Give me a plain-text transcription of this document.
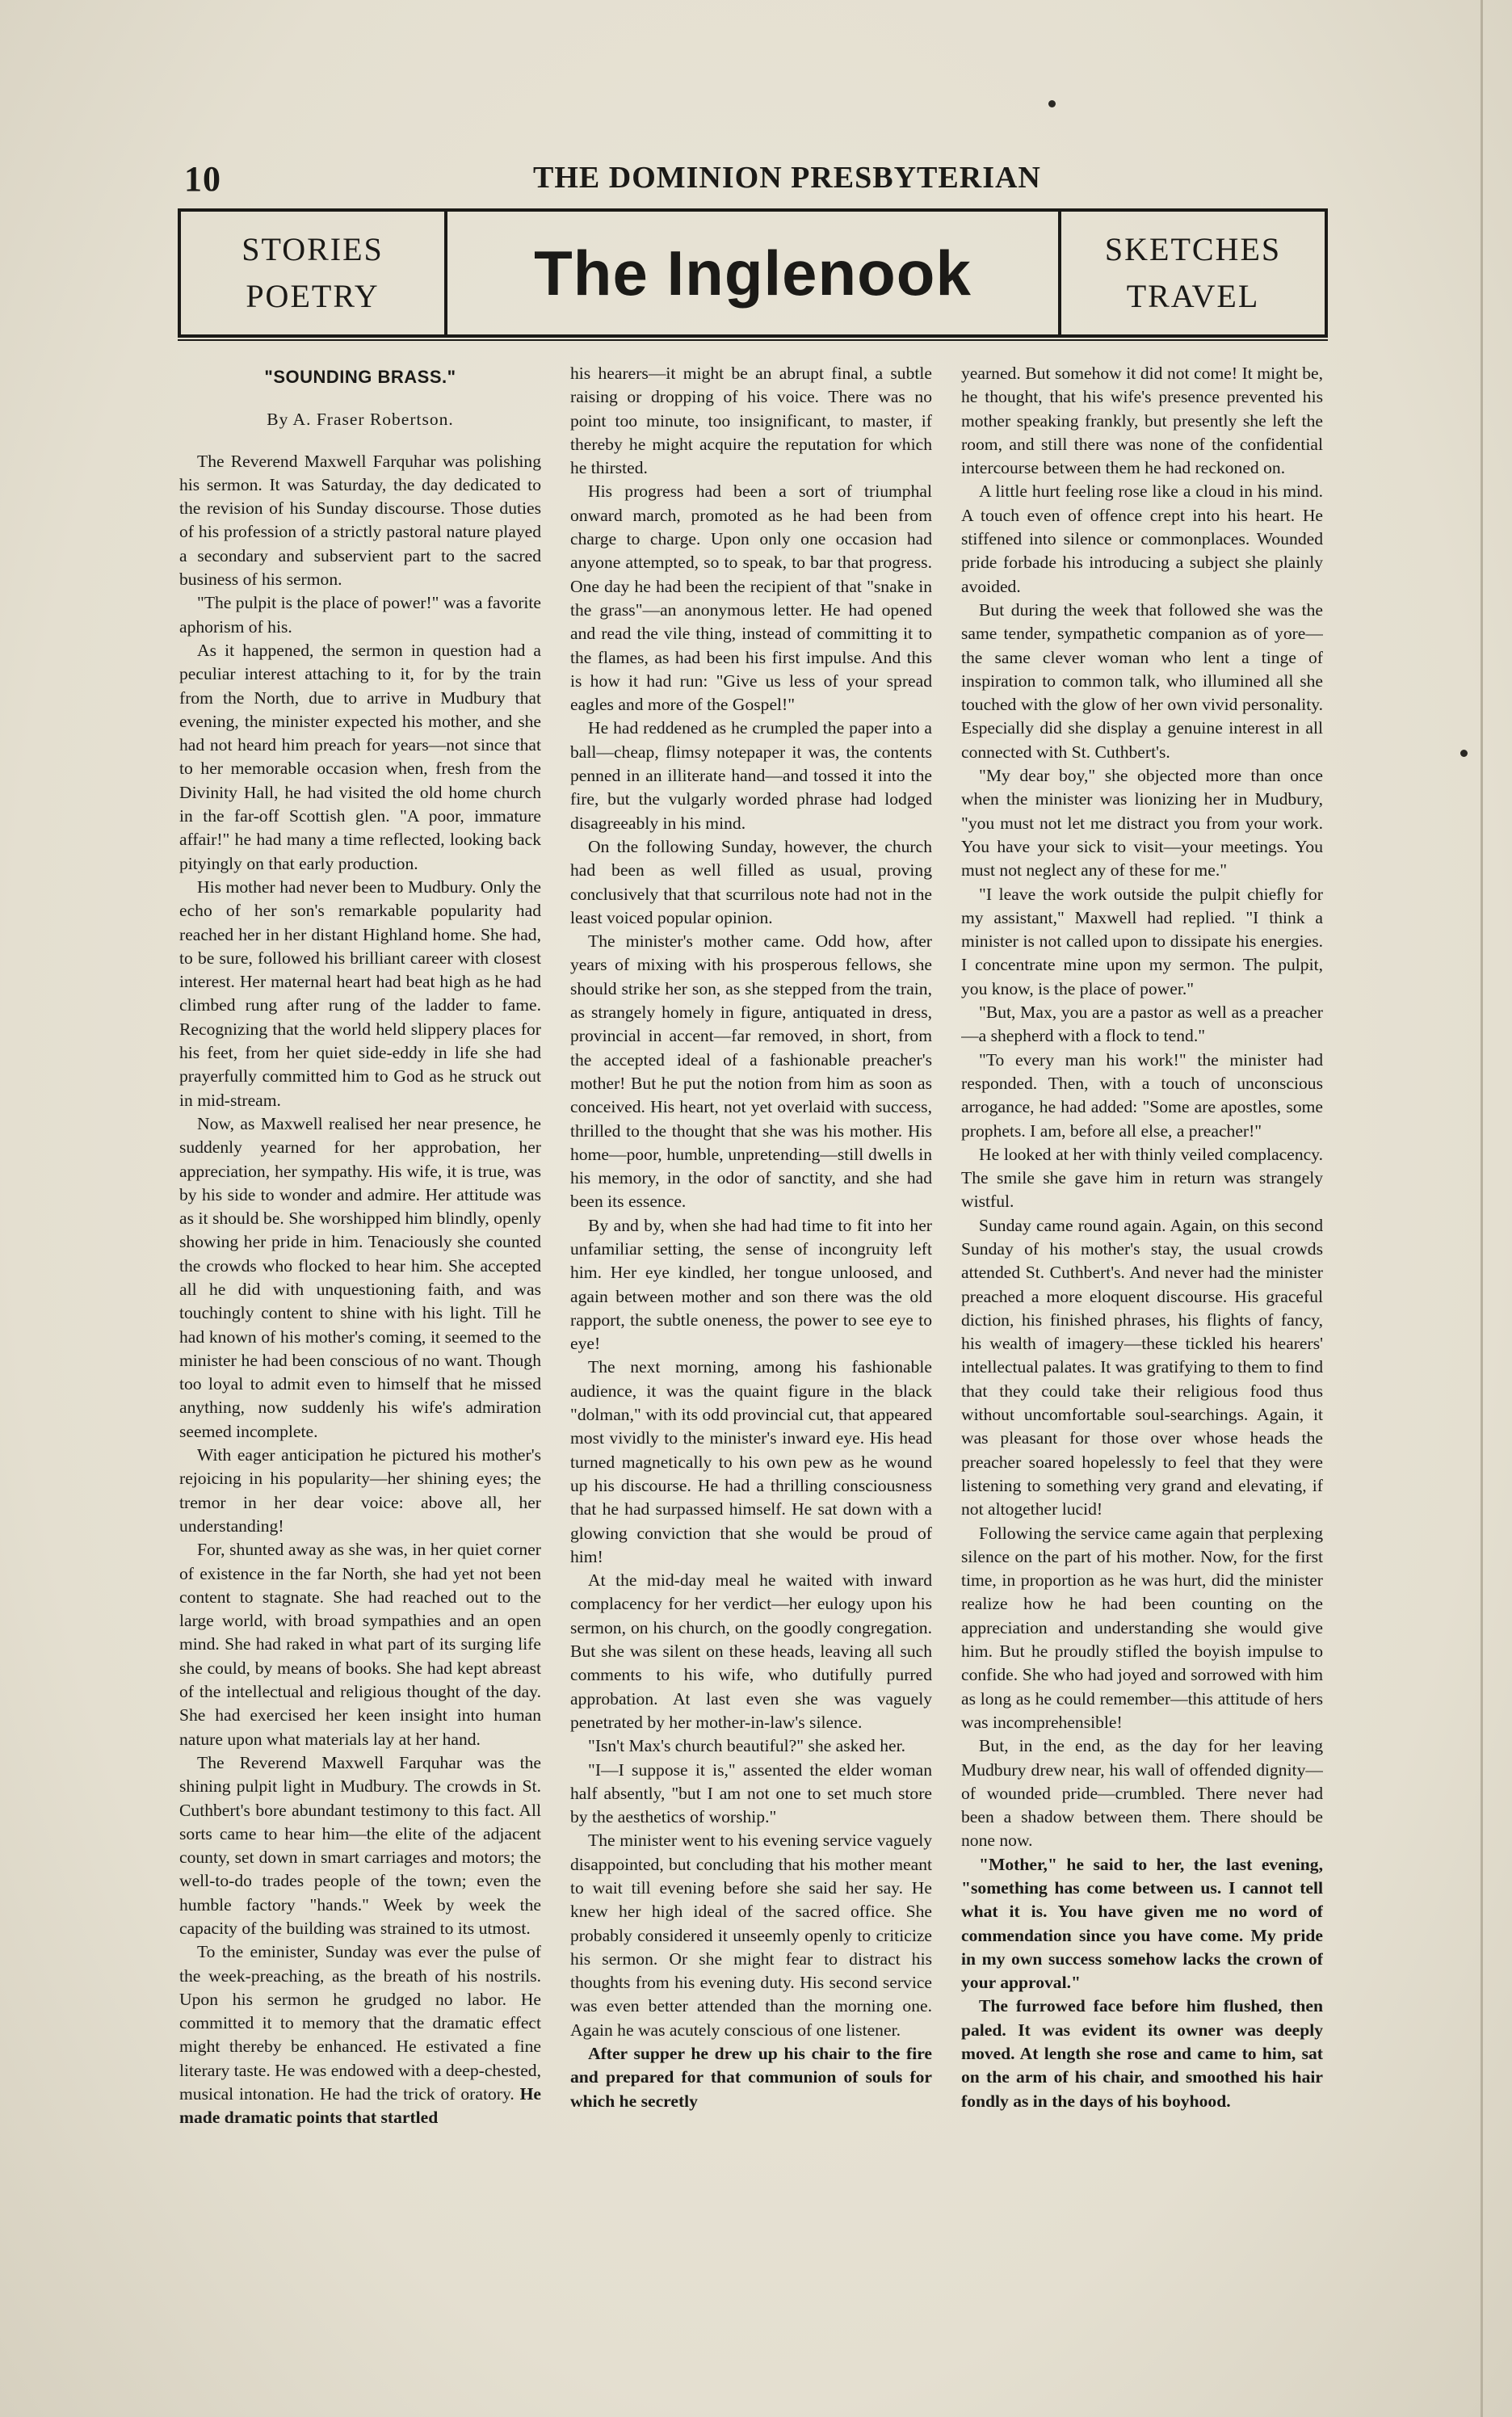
10	THE DOMINION PRESBYTERIAN
STORIES
POETRY	The Inglenook	SKETCHES
TRAVEL
"SOUNDING BRASS."
By A. Fraser Robertson.

The Reverend Maxwell Farquhar was polishing his sermon. It was Saturday, the day dedicated to the revision of his Sunday discourse. Those duties of his profession of a strictly pastoral nature played a secondary and subservient part to the sacred business of his sermon.

"The pulpit is the place of power!" was a favorite aphorism of his.

As it happened, the sermon in question had a peculiar interest attaching to it, for by the train from the North, due to arrive in Mudbury that evening, the minister expected his mother, and she had not heard him preach for years—not since that to her memorable occasion when, fresh from the Divinity Hall, he had visited the old home church in the far-off Scottish glen. "A poor, immature affair!" he had many a time reflected, looking back pityingly on that early production.

His mother had never been to Mudbury. Only the echo of her son's remarkable popularity had reached her in her distant Highland home. She had, to be sure, followed his brilliant career with closest interest. Her maternal heart had beat high as he had climbed rung after rung of the ladder to fame. Recognizing that the world held slippery places for his feet, from her quiet side-eddy in life she had prayerfully committed him to God as he struck out in mid-stream.

Now, as Maxwell realised her near presence, he suddenly yearned for her approbation, her appreciation, her sympathy. His wife, it is true, was by his side to wonder and admire. Her attitude was as it should be. She worshipped him blindly, openly showing her pride in him. Tenaciously she counted the crowds who flocked to hear him. She accepted all he did with unquestioning faith, and was touchingly content to shine with his light. Till he had known of his mother's coming, it seemed to the minister he had been conscious of no want. Though too loyal to admit even to himself that he missed anything, now suddenly his wife's admiration seemed incomplete.

With eager anticipation he pictured his mother's rejoicing in his popularity—her shining eyes; the tremor in her dear voice: above all, her understanding!

For, shunted away as she was, in her quiet corner of existence in the far North, she had yet not been content to stagnate. She had reached out to the large world, with broad sympathies and an open mind. She had raked in what part of its surging life she could, by means of books. She had kept abreast of the intellectual and religious thought of the day. She had exercised her keen insight into human nature upon what materials lay at her hand.

The Reverend Maxwell Farquhar was the shining pulpit light in Mudbury. The crowds in St. Cuthbert's bore abundant testimony to this fact. All sorts came to hear him—the elite of the adjacent county, set down in smart carriages and motors; the well-to-do trades people of the town; even the humble factory "hands." Week by week the capacity of the building was strained to its utmost.

To the eminister, Sunday was ever the pulse of the week-preaching, as the breath of his nostrils. Upon his sermon he grudged no labor. He committed it to memory that the dramatic effect might thereby be enhanced. He estivated a fine literary taste. He was endowed with a deep-chested, musical intonation. He had the trick of oratory. He made dramatic points that startled

his hearers—it might be an abrupt final, a subtle raising or dropping of his voice. There was no point too minute, too insignificant, to master, if thereby he might acquire the reputation for which he thirsted.

His progress had been a sort of triumphal onward march, promoted as he had been from charge to charge. Upon only one occasion had anyone attempted, so to speak, to bar that progress. One day he had been the recipient of that "snake in the grass"—an anonymous letter. He had opened and read the vile thing, instead of committing it to the flames, as had been his first impulse. And this is how it had run: "Give us less of your spread eagles and more of the Gospel!"

He had reddened as he crumpled the paper into a ball—cheap, flimsy notepaper it was, the contents penned in an illiterate hand—and tossed it into the fire, but the vulgarly worded phrase had lodged disagreeably in his mind.

On the following Sunday, however, the church had been as well filled as usual, proving conclusively that that scurrilous note had not in the least voiced popular opinion.

The minister's mother came. Odd how, after years of mixing with his prosperous fellows, she should strike her son, as she stepped from the train, as strangely homely in figure, antiquated in dress, provincial in accent—far removed, in short, from the accepted ideal of a fashionable preacher's mother! But he put the notion from him as soon as conceived. His heart, not yet overlaid with success, thrilled to the thought that she was his mother. His home—poor, humble, unpretending—still dwells in his memory, in the odor of sanctity, and she had been its essence.

By and by, when she had had time to fit into her unfamiliar setting, the sense of incongruity left him. Her eye kindled, her tongue unloosed, and again between mother and son there was the old rapport, the subtle oneness, the power to see eye to eye!

The next morning, among his fashionable audience, it was the quaint figure in the black "dolman," with its odd provincial cut, that appeared most vividly to the minister's inward eye. His head turned magnetically to his own pew as he wound up his discourse. He had a thrilling consciousness that he had surpassed himself. He sat down with a glowing conviction that she would be proud of him!

At the mid-day meal he waited with inward complacency for her verdict—her eulogy upon his sermon, on his church, on the goodly congregation. But she was silent on these heads, leaving all such comments to his wife, who dutifully purred approbation. At last even she was vaguely penetrated by her mother-in-law's silence.

"Isn't Max's church beautiful?" she asked her.

"I—I suppose it is," assented the elder woman half absently, "but I am not one to set much store by the aesthetics of worship."

The minister went to his evening service vaguely disappointed, but concluding that his mother meant to wait till evening before she said her say. He knew her high ideal of the sacred office. She probably considered it unseemly openly to criticize his sermon. Or she might fear to distract his thoughts from his evening duty. His second service was even better attended than the morning one. Again he was acutely conscious of one listener.

After supper he drew up his chair to the fire and prepared for that communion of souls for which he secretly

yearned. But somehow it did not come! It might be, he thought, that his wife's presence prevented his mother speaking frankly, but presently she left the room, and still there was none of the confidential intercourse between them he had reckoned on.

A little hurt feeling rose like a cloud in his mind. A touch even of offence crept into his heart. He stiffened into silence or commonplaces. Wounded pride forbade his introducing a subject she plainly avoided.

But during the week that followed she was the same tender, sympathetic companion as of yore—the same clever woman who lent a tinge of inspiration to common talk, who illumined all she touched with the glow of her own vivid personality. Especially did she display a genuine interest in all connected with St. Cuthbert's.

"My dear boy," she objected more than once when the minister was lionizing her in Mudbury, "you must not let me distract you from your work. You have your sick to visit—your meetings. You must not neglect any of these for me."

"I leave the work outside the pulpit chiefly for my assistant," Maxwell had replied. "I think a minister is not called upon to dissipate his energies. I concentrate mine upon my sermon. The pulpit, you know, is the place of power."

"But, Max, you are a pastor as well as a preacher—a shepherd with a flock to tend."

"To every man his work!" the minister had responded. Then, with a touch of unconscious arrogance, he had added: "Some are apostles, some prophets. I am, before all else, a preacher!"

He looked at her with thinly veiled complacency. The smile she gave him in return was strangely wistful.

Sunday came round again. Again, on this second Sunday of his mother's stay, the usual crowds attended St. Cuthbert's. And never had the minister preached a more eloquent discourse. His graceful diction, his finished phrases, his flights of fancy, his wealth of imagery—these tickled his hearers' intellectual palates. It was gratifying to them to find that they could take their religious food thus without uncomfortable soul-searchings. Again, it was pleasant for those over whose heads the preacher soared hopelessly to feel that they were listening to something very grand and elevating, if not altogether lucid!

Following the service came again that perplexing silence on the part of his mother. Now, for the first time, in proportion as he was hurt, did the minister realize how he had been counting on the appreciation and understanding she would give him. But he proudly stifled the boyish impulse to confide. She who had joyed and sorrowed with him as long as he could remember—this attitude of hers was incomprehensible!

But, in the end, as the day for her leaving Mudbury drew near, his wall of offended dignity—of wounded pride—crumbled. There never had been a shadow between them. There should be none now.

"Mother," he said to her, the last evening, "something has come between us. I cannot tell what it is. You have given me no word of commendation since you have come. My pride in my own success somehow lacks the crown of your approval."

The furrowed face before him flushed, then paled. It was evident its owner was deeply moved. At length she rose and came to him, sat on the arm of his chair, and smoothed his hair fondly as in the days of his boyhood.
